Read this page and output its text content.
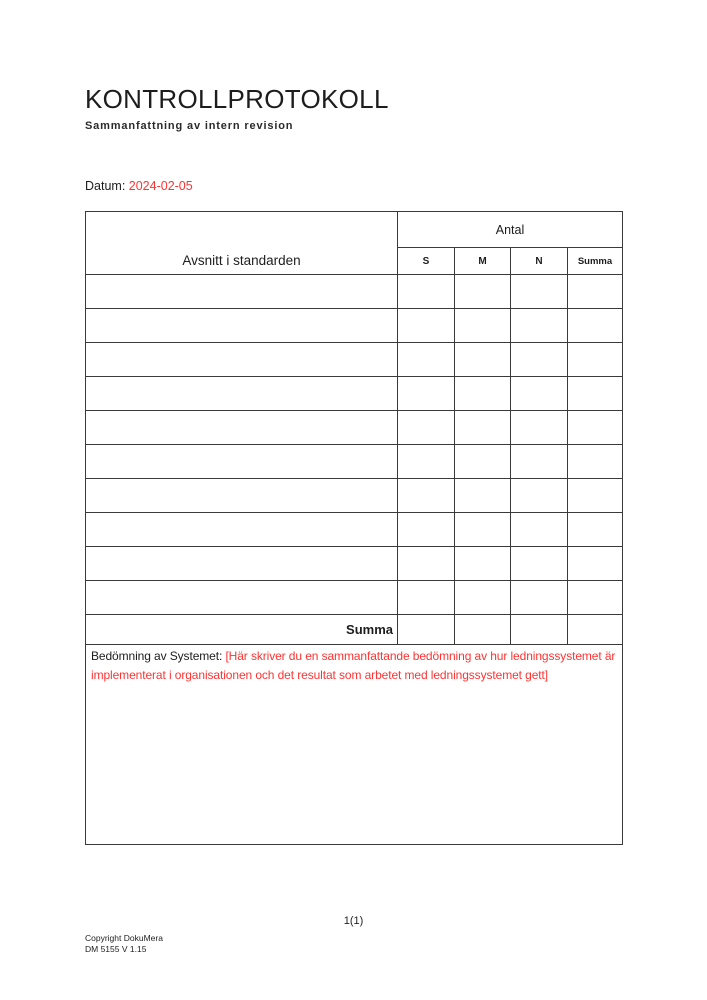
KONTROLLPROTOKOLL
Sammanfattning av intern revision
Datum: 2024-02-05
Avsnitt i standarden	Antal			
	S	M	N	Summa

Summa				
Bedömning av Systemet: [Här skriver du en sammanfattande bedömning av hur ledningssystemet är implementerat i organisationen och det resultat som arbetet med ledningssystemet gett]				
1(1)
Copyright DokuMera
DM 5155 V 1.15
